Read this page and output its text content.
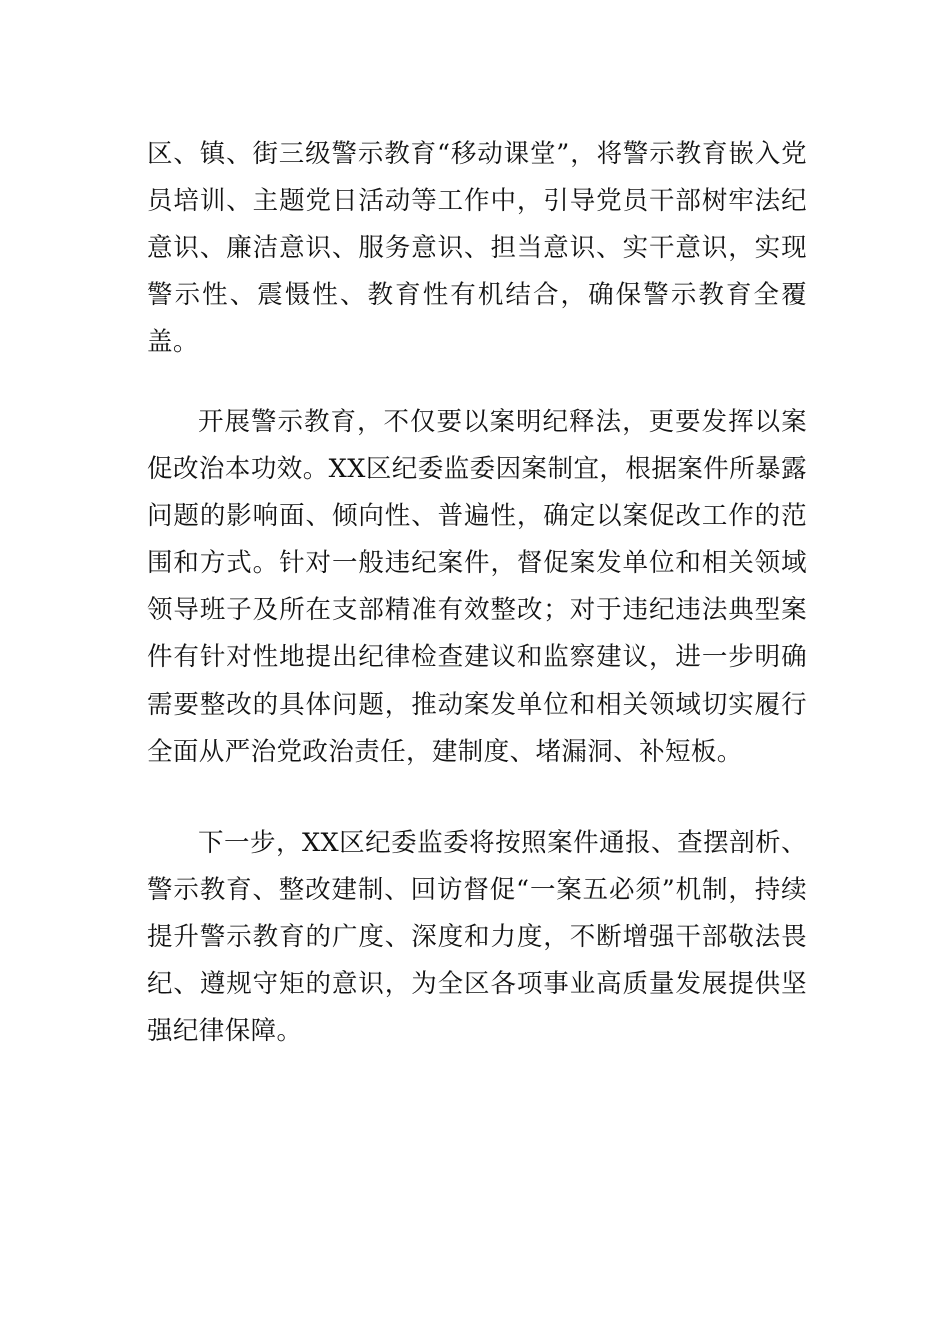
区、镇、街三级警示教育“移动课堂”，将警示教育嵌入党员培训、主题党日活动等工作中，引导党员干部树牢法纪意识、廉洁意识、服务意识、担当意识、实干意识，实现警示性、震慑性、教育性有机结合，确保警示教育全覆盖。

开展警示教育，不仅要以案明纪释法，更要发挥以案促改治本功效。XX区纪委监委因案制宜，根据案件所暴露问题的影响面、倾向性、普遍性，确定以案促改工作的范围和方式。针对一般违纪案件，督促案发单位和相关领域领导班子及所在支部精准有效整改；对于违纪违法典型案件有针对性地提出纪律检查建议和监察建议，进一步明确需要整改的具体问题，推动案发单位和相关领域切实履行全面从严治党政治责任，建制度、堵漏洞、补短板。

下一步，XX区纪委监委将按照案件通报、查摆剖析、警示教育、整改建制、回访督促“一案五必须”机制，持续提升警示教育的广度、深度和力度，不断增强干部敬法畏纪、遵规守矩的意识，为全区各项事业高质量发展提供坚强纪律保障。
